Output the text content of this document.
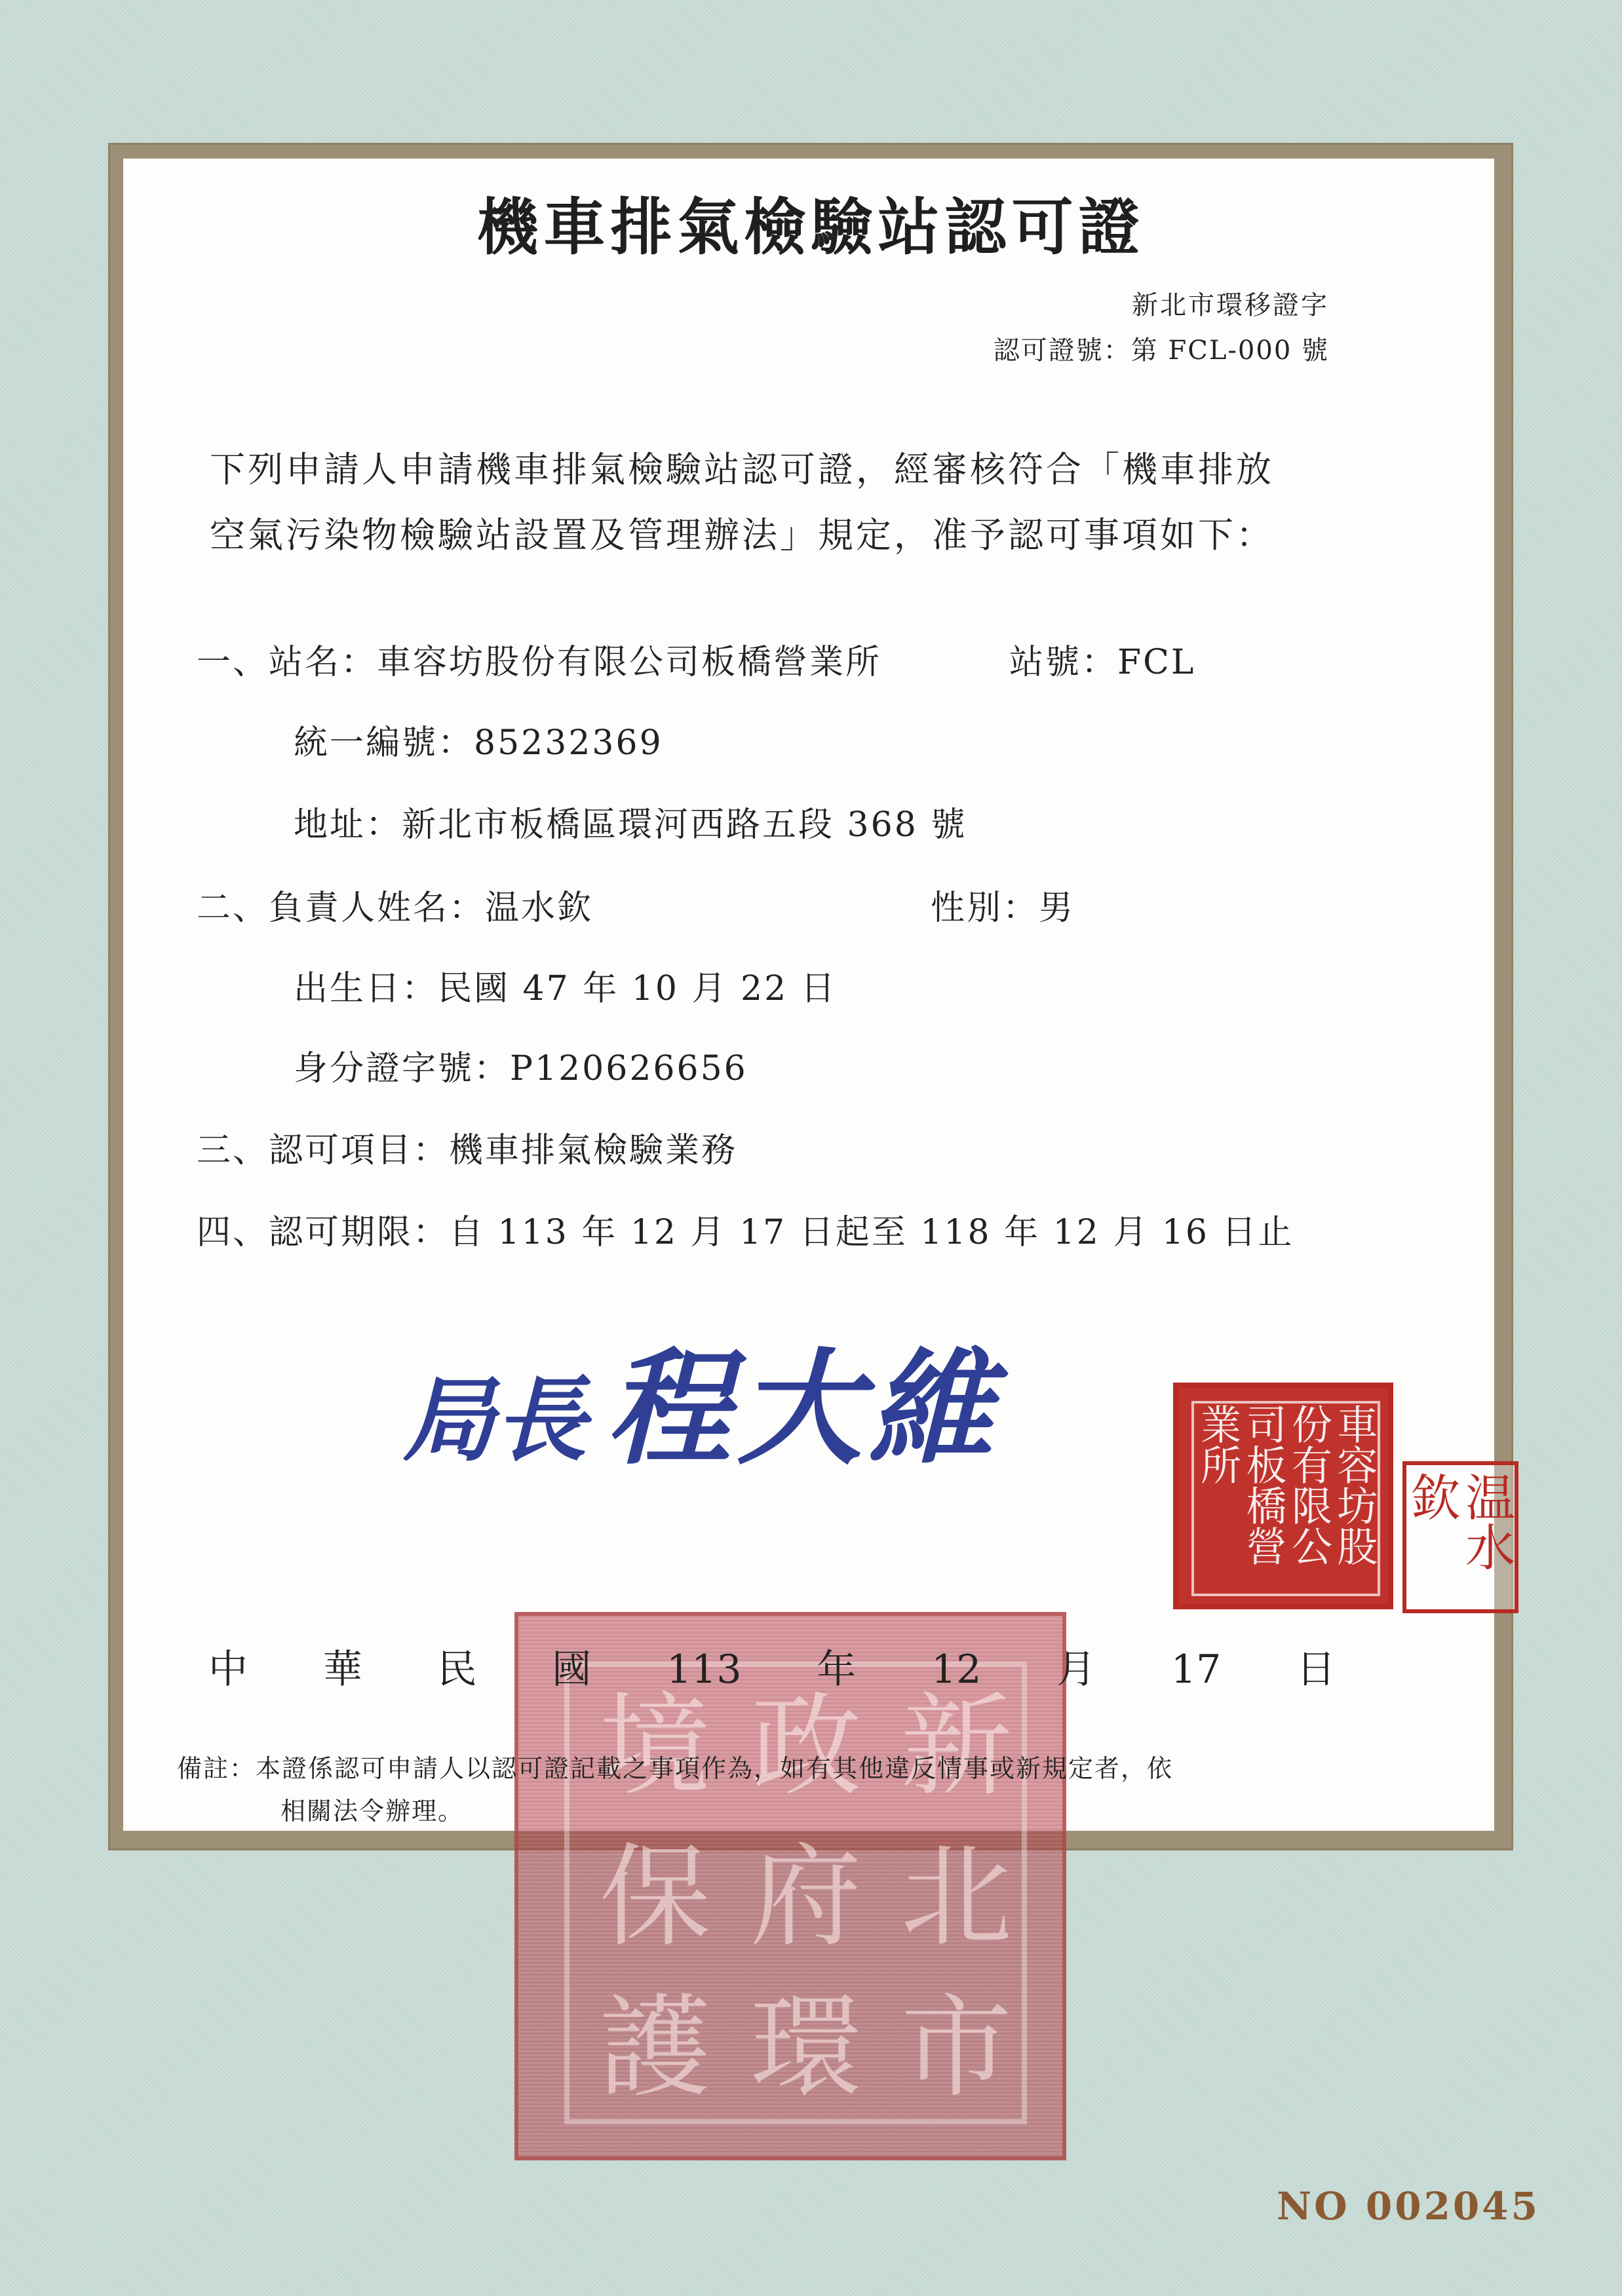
機車排氣檢驗站認可證
新北市環移證字
認可證號：第 FCL-000 號
下列申請人申請機車排氣檢驗站認可證，經審核符合「機車排放
空氣污染物檢驗站設置及管理辦法」規定，准予認可事項如下：
一、站名：車容坊股份有限公司板橋營業所	站號：FCL
統一編號：85232369
地址：新北市板橋區環河西路五段 368 號
二、負責人姓名：温水欽	性別：男
出生日：民國 47 年 10 月 22 日
身分證字號：P120626656
三、認可項目：機車排氣檢驗業務
四、認可期限：自 113 年 12 月 17 日起至 118 年 12 月 16 日止
新
北
市
政
府
環
境
保
護
局長 程大維	車容坊股份有限公司板橋營業所
温水欽
中 華 民 國 113 年 12 月 17 日
備註：本證係認可申請人以認可證記載之事項作為，如有其他違反情事或新規定者，依
相關法令辦理。
NO 002045
